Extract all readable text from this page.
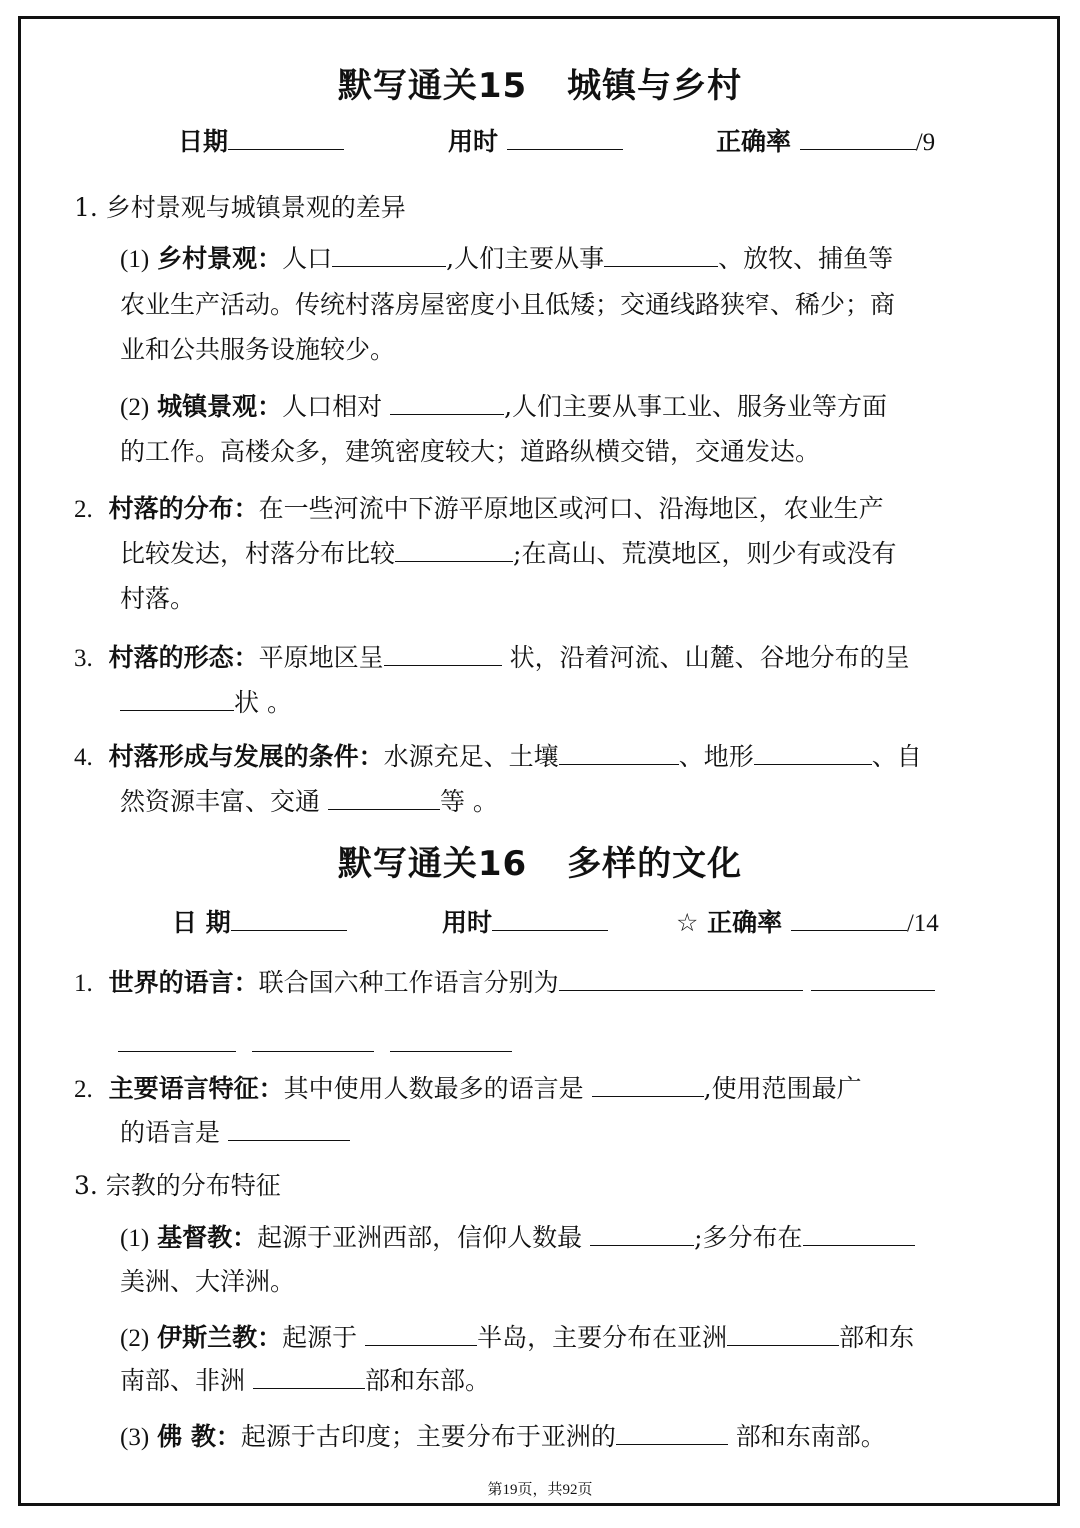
默写通关15 城镇与乡村
日期	用时	正确率	/9
1. 乡村景观与城镇景观的差异
(1) 乡村景观：人口	,人们主要从事	、放牧、捕鱼等
农业生产活动。传统村落房屋密度小且低矮；交通线路狭窄、稀少；商
业和公共服务设施较少。
(2) 城镇景观：人口相对	,人们主要从事工业、服务业等方面
的工作。高楼众多，建筑密度较大；道路纵横交错，交通发达。
2. 村落的分布：在一些河流中下游平原地区或河口、沿海地区，农业生产
比较发达，村落分布比较	;在高山、荒漠地区，则少有或没有
村落。
3. 村落的形态：平原地区呈	状，沿着河流、山麓、谷地分布的呈
状 。
4. 村落形成与发展的条件：水源充足、土壤	、地形	、自
然资源丰富、交通	等 。
默写通关16 多样的文化
日 期	用时	☆ 正确率	/14
1. 世界的语言：联合国六种工作语言分别为

2. 主要语言特征：其中使用人数最多的语言是	,使用范围最广
的语言是
3. 宗教的分布特征
(1) 基督教：起源于亚洲西部，信仰人数最	;多分布在
美洲、大洋洲。
(2) 伊斯兰教：起源于	半岛，主要分布在亚洲	部和东
南部、非洲	部和东部。
(3) 佛 教：起源于古印度；主要分布于亚洲的	部和东南部。
第19页，共92页
